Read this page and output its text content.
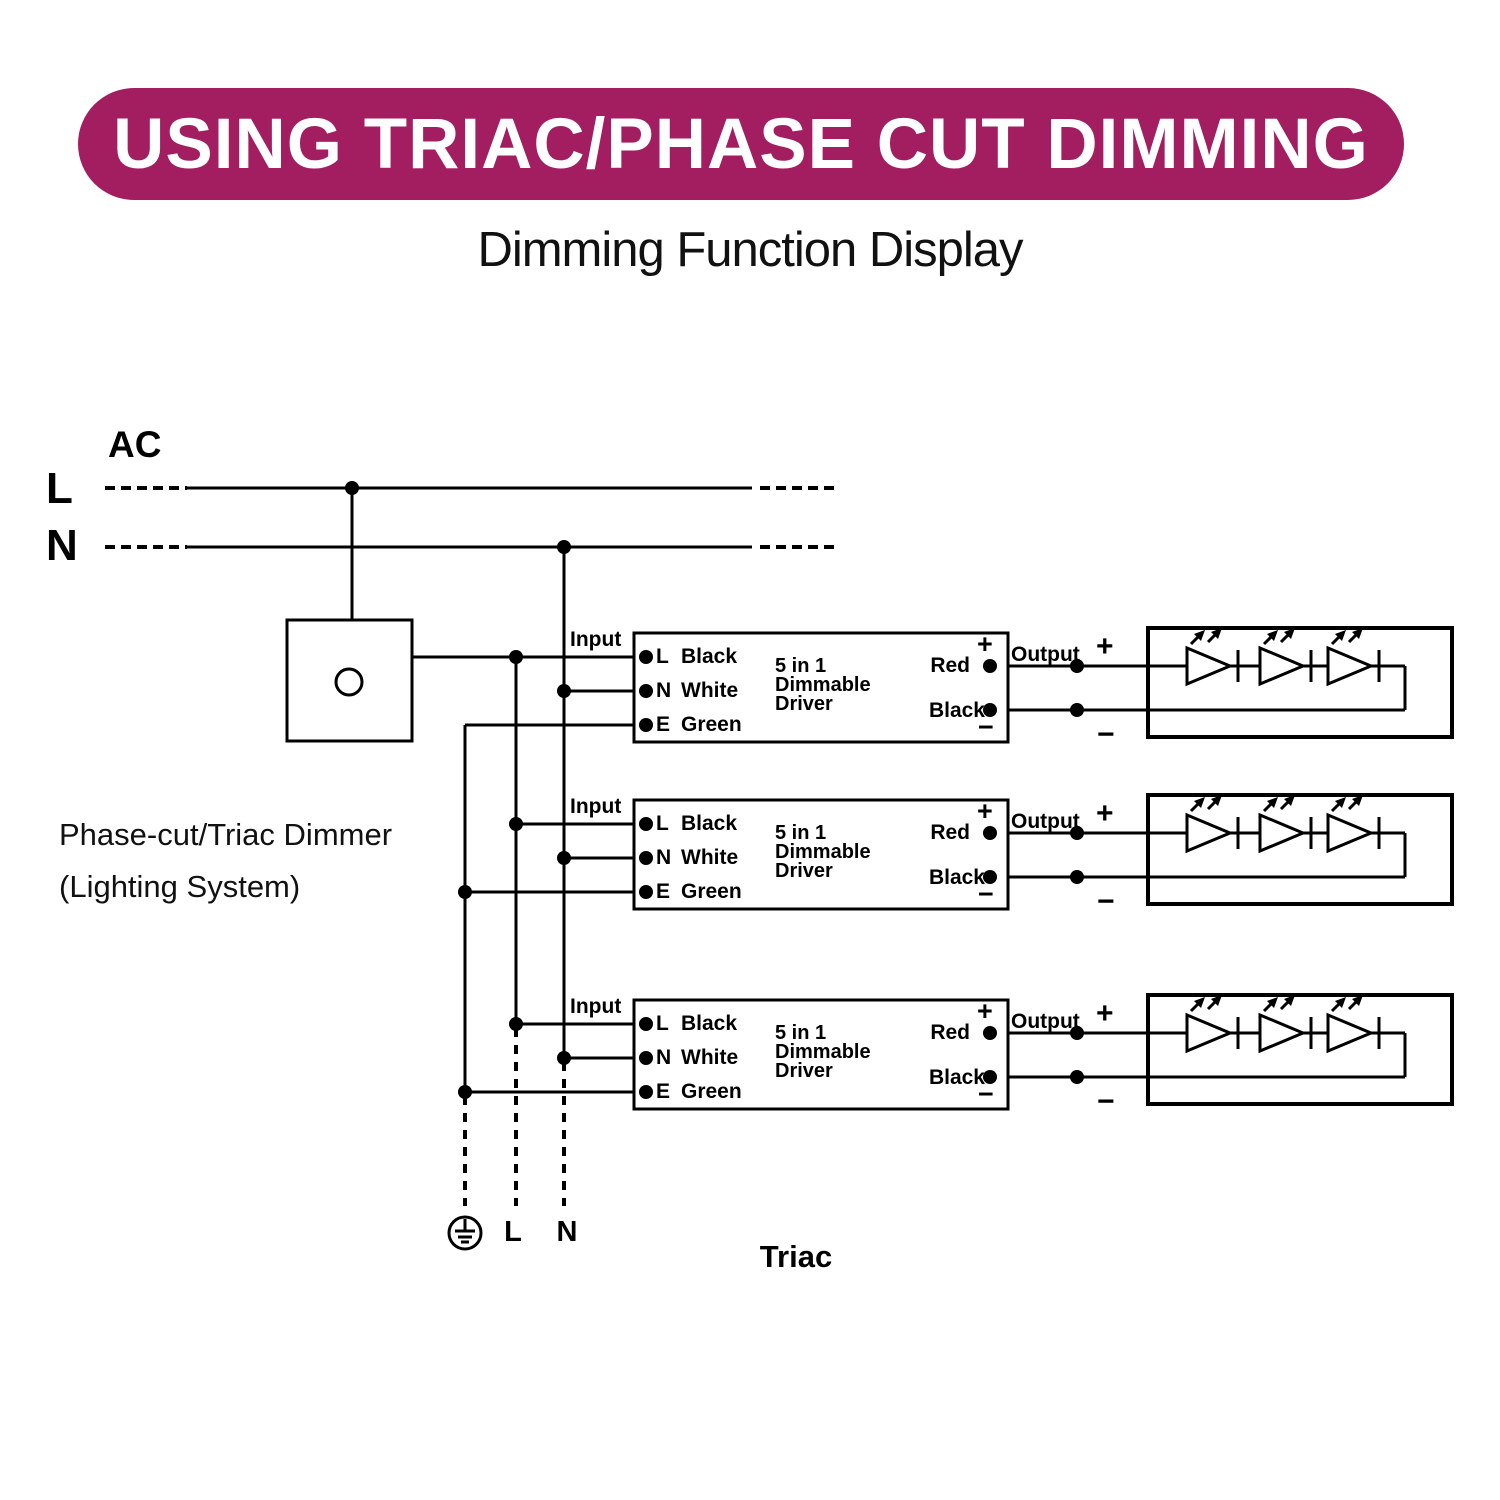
USING TRIAC/PHASE CUT DIMMING
Dimming Function Display
AC
L
N
Phase-cut/Triac Dimmer
(Lighting System)
Input
L Black
N White
E Green
5 in 1
Dimmable
Driver
Red
Black
+
−
Output +
−
Input
L Black
N White
E Green
5 in 1
Dimmable
Driver
Red
Black
+
−
Output +
−
Input
L Black
N White
E Green
5 in 1
Dimmable
Driver
Red
Black
+
−
Output +
−
L N
Triac
